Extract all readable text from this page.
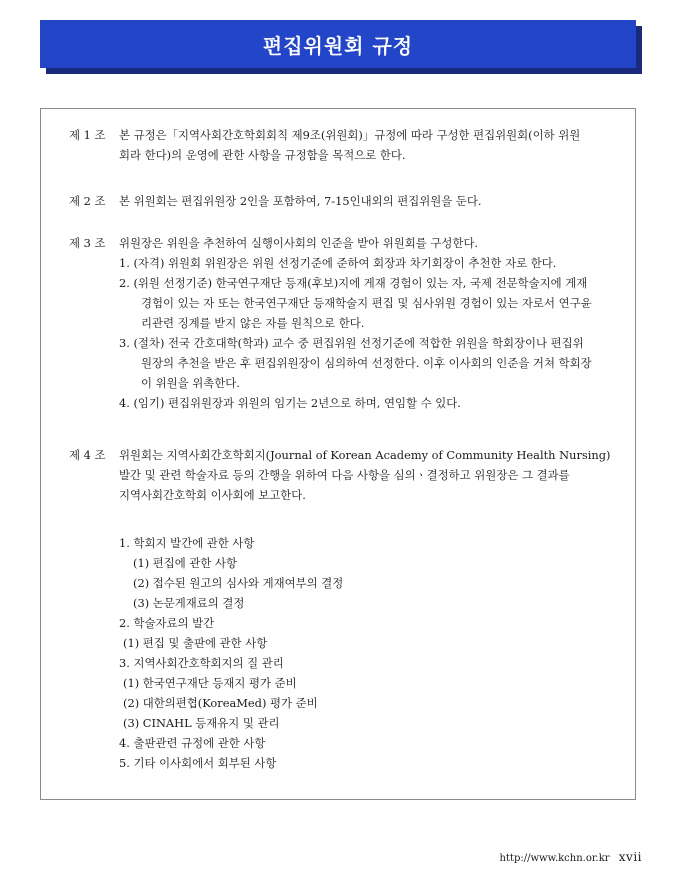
편집위원회 규정
제 1 조	본 규정은「지역사회간호학회회칙 제9조(위원회)」규정에 따라 구성한 편집위원회(이하 위원
회라 한다)의 운영에 관한 사항을 규정함을 목적으로 한다.
제 2 조	본 위원회는 편집위원장 2인을 포함하여, 7-15인내외의 편집위원을 둔다.
제 3 조	위원장은 위원을 추천하여 실행이사회의 인준을 받아 위원회를 구성한다.
1. (자격) 위원회 위원장은 위원 선정기준에 준하여 회장과 차기회장이 추천한 자로 한다.
2. (위원 선정기준) 한국연구재단 등재(후보)지에 게재 경험이 있는 자, 국제 전문학술지에 게재
경험이 있는 자 또는 한국연구재단 등재학술지 편집 및 심사위원 경험이 있는 자로서 연구윤
리관련 징계를 받지 않은 자를 원칙으로 한다.
3. (절차) 전국 간호대학(학과) 교수 중 편집위원 선정기준에 적합한 위원을 학회장이나 편집위
원장의 추천을 받은 후 편집위원장이 심의하여 선정한다. 이후 이사회의 인준을 거쳐 학회장
이 위원을 위촉한다.
4. (임기) 편집위원장과 위원의 임기는 2년으로 하며, 연임할 수 있다.
제 4 조	위원회는 지역사회간호학회지(Journal of Korean Academy of Community Health Nursing)
발간 및 관련 학술자료 등의 간행을 위하여 다음 사항을 심의ㆍ결정하고 위원장은 그 결과를
지역사회간호학회 이사회에 보고한다.
1. 학회지 발간에 관한 사항
(1) 편집에 관한 사항
(2) 접수된 원고의 심사와 게재여부의 결정
(3) 논문게재료의 결정
2. 학술자료의 발간
(1) 편집 및 출판에 관한 사항
3. 지역사회간호학회지의 질 관리
(1) 한국연구재단 등재지 평가 준비
(2) 대한의편협(KoreaMed) 평가 준비
(3) CINAHL 등재유지 및 관리
4. 출판관련 규정에 관한 사항
5. 기타 이사회에서 회부된 사항
http://www.kchn.or.kr xvii
